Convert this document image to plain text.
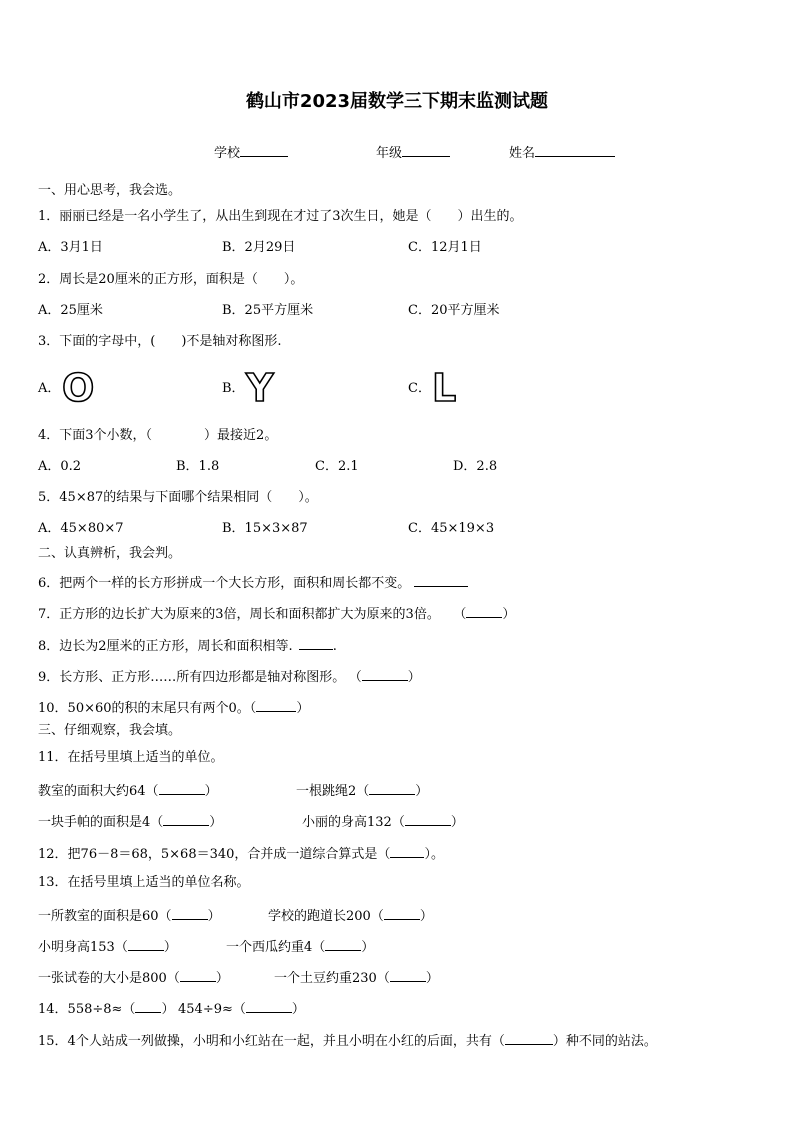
鹤山市2023届数学三下期末监测试题
学校	年级	姓名
一、用心思考，我会选。
1．丽丽已经是一名小学生了，从出生到现在才过了3次生日，她是（　　）出生的。
A．3月1日	B．2月29日	C．12月1日
2．周长是20厘米的正方形，面积是（　　）。
A．25厘米	B．25平方厘米	C．20平方厘米
3．下面的字母中，(　　)不是轴对称图形.
A． O	B． Y	C． L
4．下面3个小数，（　　　　）最接近2。
A．0.2	B．1.8	C．2.1	D．2.8
5．45×87的结果与下面哪个结果相同（　　）。
A．45×80×7	B．15×3×87	C．45×19×3
二、认真辨析，我会判。
6．把两个一样的长方形拼成一个大长方形，面积和周长都不变。
7．正方形的边长扩大为原来的3倍，周长和面积都扩大为原来的3倍。 （	）
8．边长为2厘米的正方形，周长和面积相等.	.
9．长方形、正方形……所有四边形都是轴对称图形。 （	）
10．50×60的积的末尾只有两个0。（	）
三、仔细观察，我会填。
11．在括号里填上适当的单位。
教室的面积大约64（	）	一根跳绳2（	）
一块手帕的面积是4（	）	小丽的身高132（	）
12．把76－8＝68，5×68＝340，合并成一道综合算式是（	）。
13．在括号里填上适当的单位名称。
一所教室的面积是60（	）	学校的跑道长200（	）
小明身高153（	）	一个西瓜约重4（	）
一张试卷的大小是800（	）	一个土豆约重230（	）
14．558÷8≈（ ） 454÷9≈（	）
15．4个人站成一列做操，小明和小红站在一起，并且小明在小红的后面，共有（	）种不同的站法。
